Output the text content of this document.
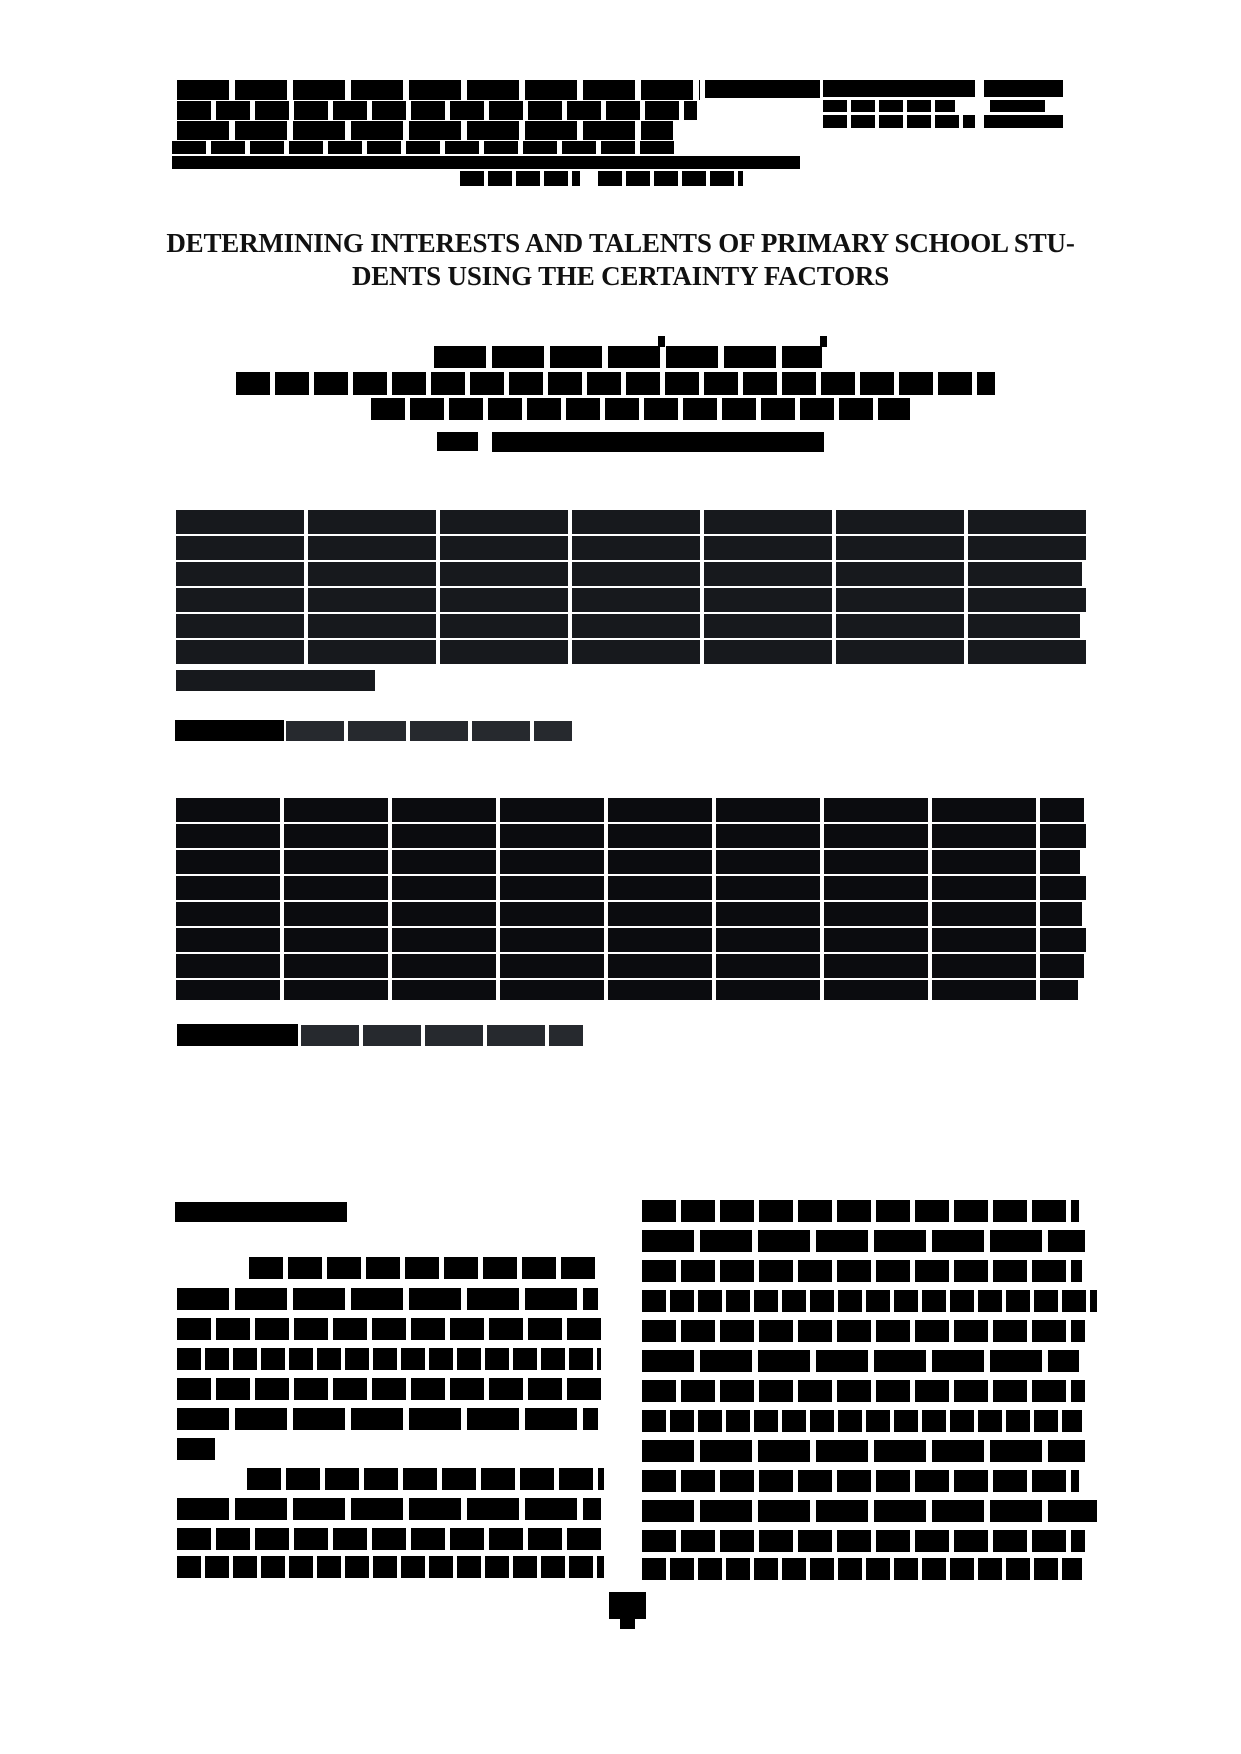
DETERMINING INTERESTS AND TALENTS OF PRIMARY SCHOOL STU-
DENTS USING THE CERTAINTY FACTORS
